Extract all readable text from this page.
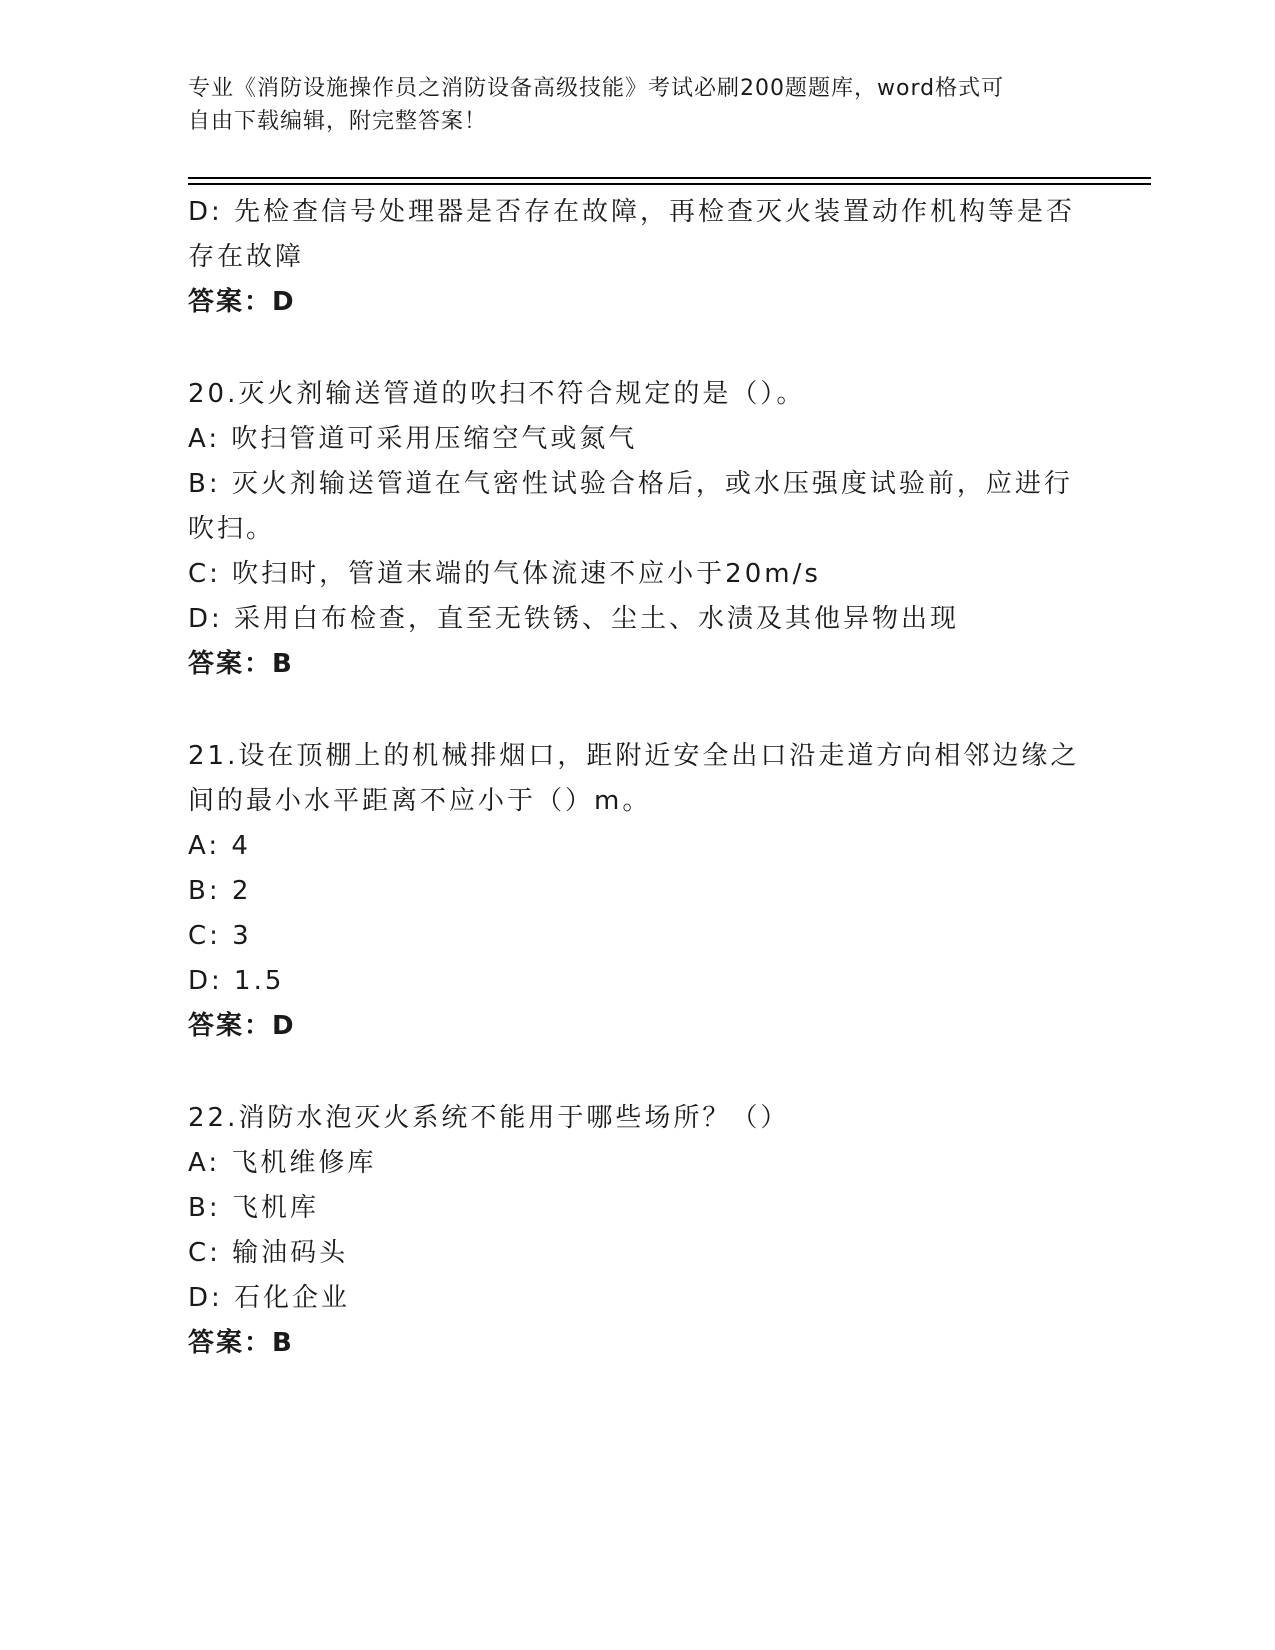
专业《消防设施操作员之消防设备高级技能》考试必刷200题题库，word格式可
自由下载编辑，附完整答案！
D: 先检查信号处理器是否存在故障，再检查灭火装置动作机构等是否
存在故障
答案：D
20.灭火剂输送管道的吹扫不符合规定的是（）。
A: 吹扫管道可采用压缩空气或氮气
B: 灭火剂输送管道在气密性试验合格后，或水压强度试验前，应进行
吹扫。
C: 吹扫时，管道末端的气体流速不应小于20m/s
D: 采用白布检查，直至无铁锈、尘土、水渍及其他异物出现
答案：B
21.设在顶棚上的机械排烟口，距附近安全出口沿走道方向相邻边缘之
间的最小水平距离不应小于（）m。
A: 4
B: 2
C: 3
D: 1.5
答案：D
22.消防水泡灭火系统不能用于哪些场所？（）
A: 飞机维修库
B: 飞机库
C: 输油码头
D: 石化企业
答案：B
